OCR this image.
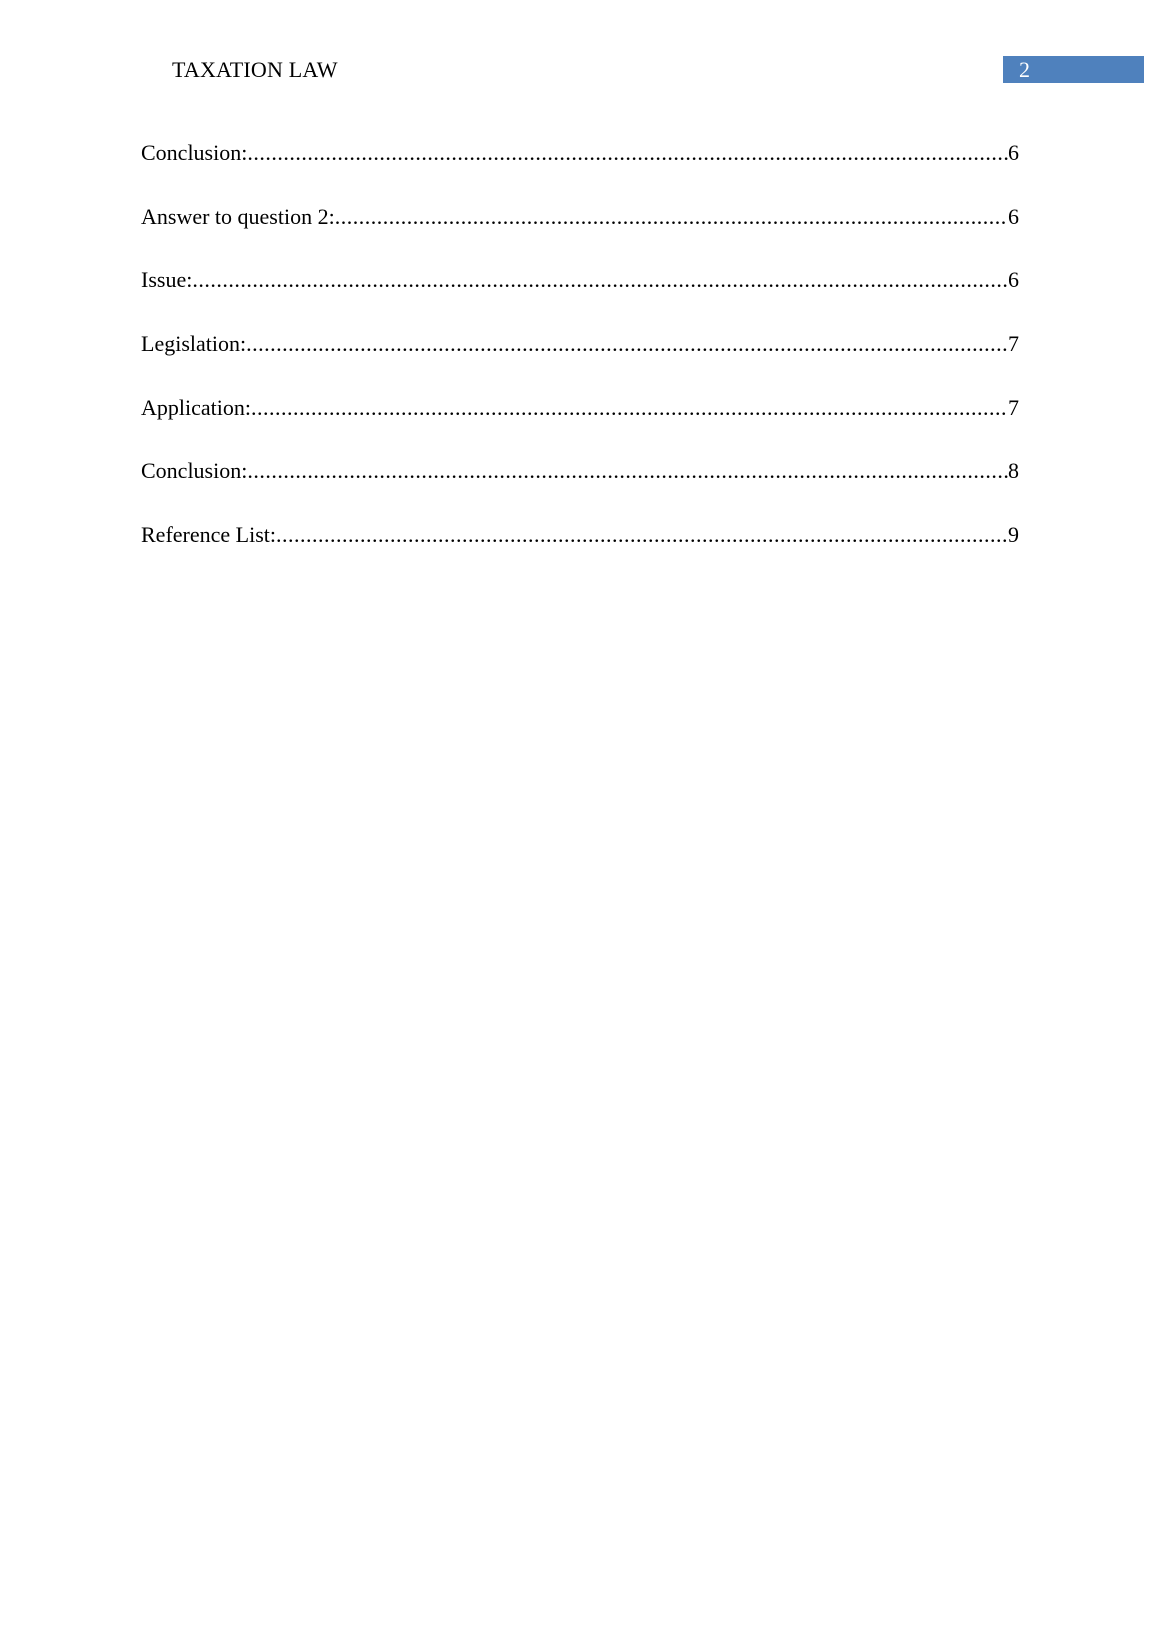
TAXATION LAW	2
Conclusion: .....	6
Answer to question 2: .....	6
Issue: .....	6
Legislation: .....	7
Application: .....	7
Conclusion: .....	8
Reference List: .....	9
